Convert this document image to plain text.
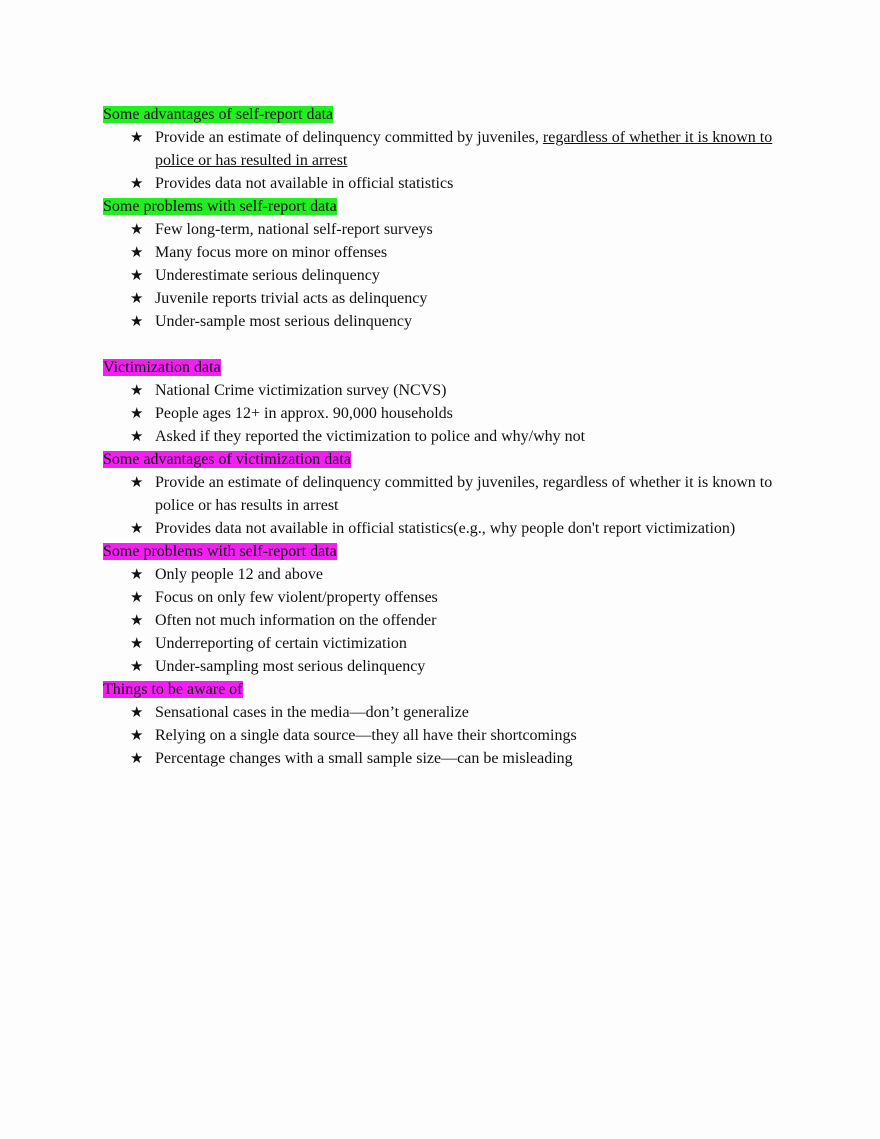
Some advantages of self-report data
★ Provide an estimate of delinquency committed by juveniles, regardless of whether it is known to police or has resulted in arrest
★ Provides data not available in official statistics
Some problems with self-report data
★ Few long-term, national self-report surveys
★ Many focus more on minor offenses
★ Underestimate serious delinquency
★ Juvenile reports trivial acts as delinquency
★ Under-sample most serious delinquency
Victimization data
★ National Crime victimization survey (NCVS)
★ People ages 12+ in approx. 90,000 households
★ Asked if they reported the victimization to police and why/why not
Some advantages of victimization data
★ Provide an estimate of delinquency committed by juveniles, regardless of whether it is known to police or has results in arrest
★ Provides data not available in official statistics(e.g., why people don't report victimization)
Some problems with self-report data
★ Only people 12 and above
★ Focus on only few violent/property offenses
★ Often not much information on the offender
★ Underreporting of certain victimization
★ Under-sampling most serious delinquency
Things to be aware of
★ Sensational cases in the media—don’t generalize
★ Relying on a single data source—they all have their shortcomings
★ Percentage changes with a small sample size—can be misleading
